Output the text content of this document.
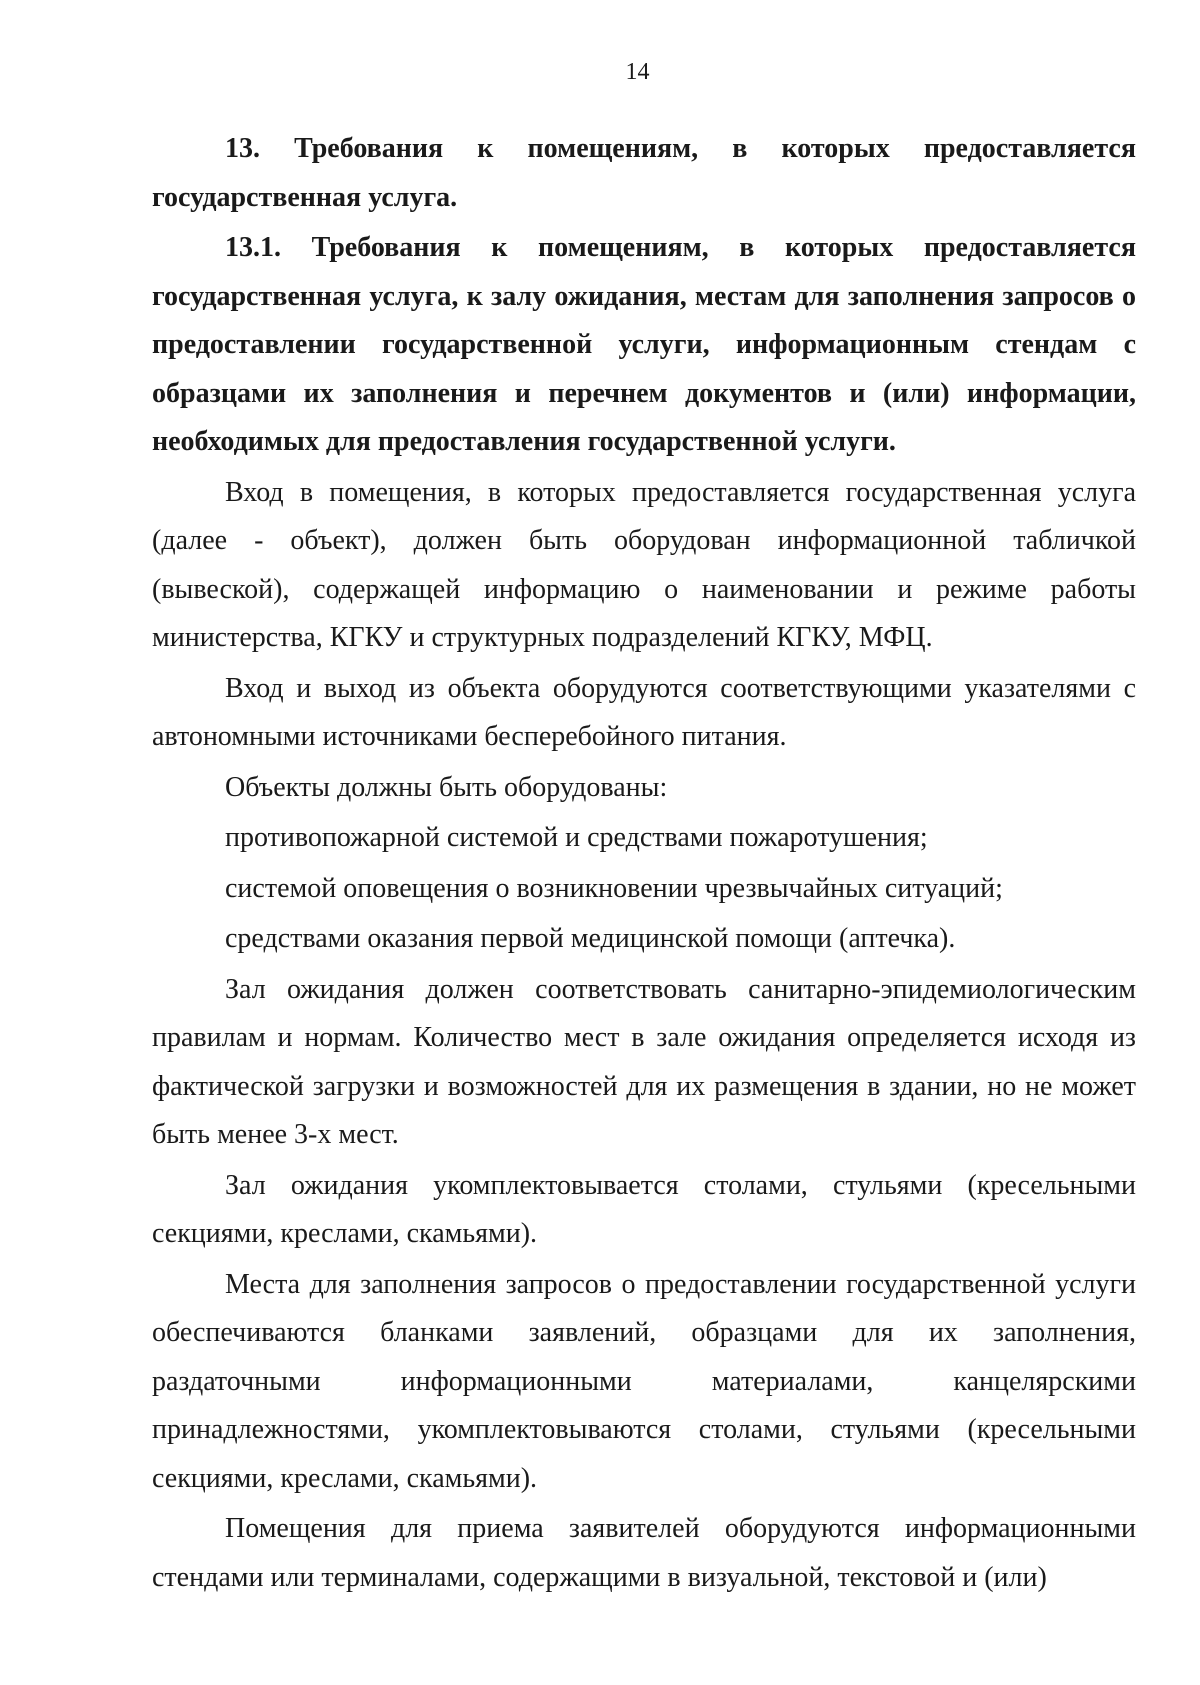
14

13. Требования к помещениям, в которых предоставляется государственная услуга.

13.1. Требования к помещениям, в которых предоставляется государственная услуга, к залу ожидания, местам для заполнения запросов о предоставлении государственной услуги, информационным стендам с образцами их заполнения и перечнем документов и (или) информации, необходимых для предоставления государственной услуги.

Вход в помещения, в которых предоставляется государственная услуга (далее - объект), должен быть оборудован информационной табличкой (вывеской), содержащей информацию о наименовании и режиме работы министерства, КГКУ и структурных подразделений КГКУ, МФЦ.

Вход и выход из объекта оборудуются соответствующими указателями с автономными источниками бесперебойного питания.

Объекты должны быть оборудованы:

противопожарной системой и средствами пожаротушения;

системой оповещения о возникновении чрезвычайных ситуаций;

средствами оказания первой медицинской помощи (аптечка).

Зал ожидания должен соответствовать санитарно-эпидемиологическим правилам и нормам. Количество мест в зале ожидания определяется исходя из фактической загрузки и возможностей для их размещения в здании, но не может быть менее 3-х мест.

Зал ожидания укомплектовывается столами, стульями (кресельными секциями, креслами, скамьями).

Места для заполнения запросов о предоставлении государственной услуги обеспечиваются бланками заявлений, образцами для их заполнения, раздаточными информационными материалами, канцелярскими принадлежностями, укомплектовываются столами, стульями (кресельными секциями, креслами, скамьями).

Помещения для приема заявителей оборудуются информационными стендами или терминалами, содержащими в визуальной, текстовой и (или)
